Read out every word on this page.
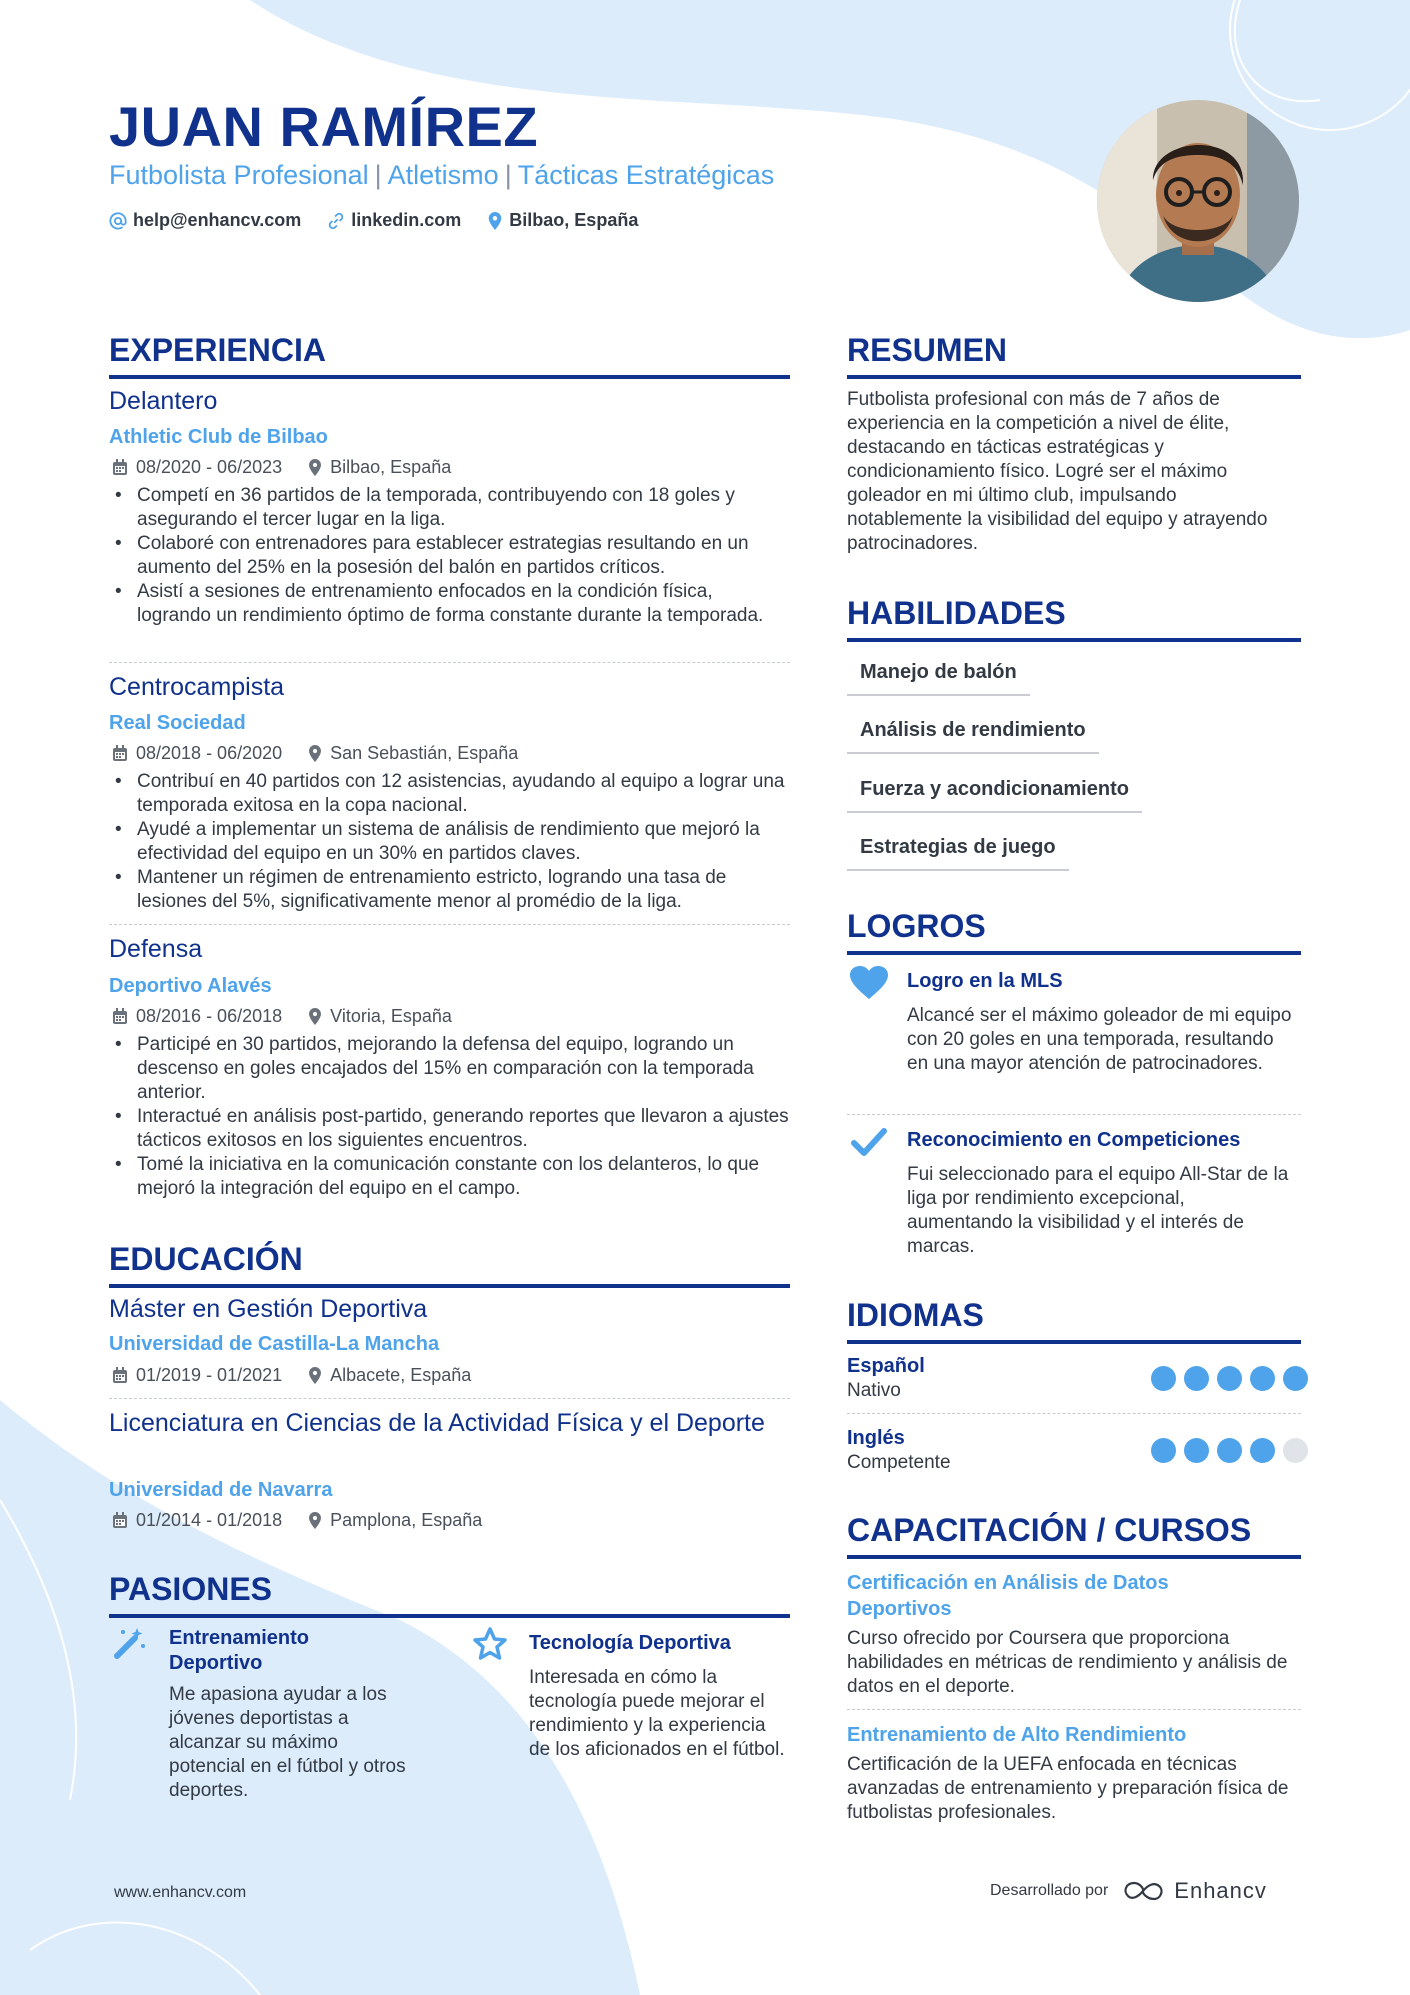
JUAN RAMÍREZ
Futbolista Profesional | Atletismo | Tácticas Estratégicas
help@enhancv.com	linkedin.com	Bilbao, España
EXPERIENCIA
Delantero
Athletic Club de Bilbao
08/2020 - 06/2023	Bilbao, España
• Competí en 36 partidos de la temporada, contribuyendo con 18 goles y asegurando el tercer lugar en la liga.
• Colaboré con entrenadores para establecer estrategias resultando en un aumento del 25% en la posesión del balón en partidos críticos.
• Asistí a sesiones de entrenamiento enfocados en la condición física, logrando un rendimiento óptimo de forma constante durante la temporada.
Centrocampista
Real Sociedad
08/2018 - 06/2020	San Sebastián, España
• Contribuí en 40 partidos con 12 asistencias, ayudando al equipo a lograr una temporada exitosa en la copa nacional.
• Ayudé a implementar un sistema de análisis de rendimiento que mejoró la efectividad del equipo en un 30% en partidos claves.
• Mantener un régimen de entrenamiento estricto, logrando una tasa de lesiones del 5%, significativamente menor al promédio de la liga.
Defensa
Deportivo Alavés
08/2016 - 06/2018	Vitoria, España
• Participé en 30 partidos, mejorando la defensa del equipo, logrando un descenso en goles encajados del 15% en comparación con la temporada anterior.
• Interactué en análisis post-partido, generando reportes que llevaron a ajustes tácticos exitosos en los siguientes encuentros.
• Tomé la iniciativa en la comunicación constante con los delanteros, lo que mejoró la integración del equipo en el campo.
EDUCACIÓN
Máster en Gestión Deportiva
Universidad de Castilla-La Mancha
01/2019 - 01/2021	Albacete, España
Licenciatura en Ciencias de la Actividad Física y el Deporte
Universidad de Navarra
01/2014 - 01/2018	Pamplona, España
PASIONES
Entrenamiento Deportivo
Me apasiona ayudar a los jóvenes deportistas a alcanzar su máximo potencial en el fútbol y otros deportes.
Tecnología Deportiva
Interesada en cómo la tecnología puede mejorar el rendimiento y la experiencia de los aficionados en el fútbol.
RESUMEN
Futbolista profesional con más de 7 años de experiencia en la competición a nivel de élite, destacando en tácticas estratégicas y condicionamiento físico. Logré ser el máximo goleador en mi último club, impulsando notablemente la visibilidad del equipo y atrayendo patrocinadores.
HABILIDADES
Manejo de balón
Análisis de rendimiento
Fuerza y acondicionamiento
Estrategias de juego
LOGROS
Logro en la MLS
Alcancé ser el máximo goleador de mi equipo con 20 goles en una temporada, resultando en una mayor atención de patrocinadores.
Reconocimiento en Competiciones
Fui seleccionado para el equipo All-Star de la liga por rendimiento excepcional, aumentando la visibilidad y el interés de marcas.
IDIOMAS
Español
Nativo
Inglés
Competente
CAPACITACIÓN / CURSOS
Certificación en Análisis de Datos Deportivos
Curso ofrecido por Coursera que proporciona habilidades en métricas de rendimiento y análisis de datos en el deporte.
Entrenamiento de Alto Rendimiento
Certificación de la UEFA enfocada en técnicas avanzadas de entrenamiento y preparación física de futbolistas profesionales.
www.enhancv.com	Desarrollado por	Enhancv
